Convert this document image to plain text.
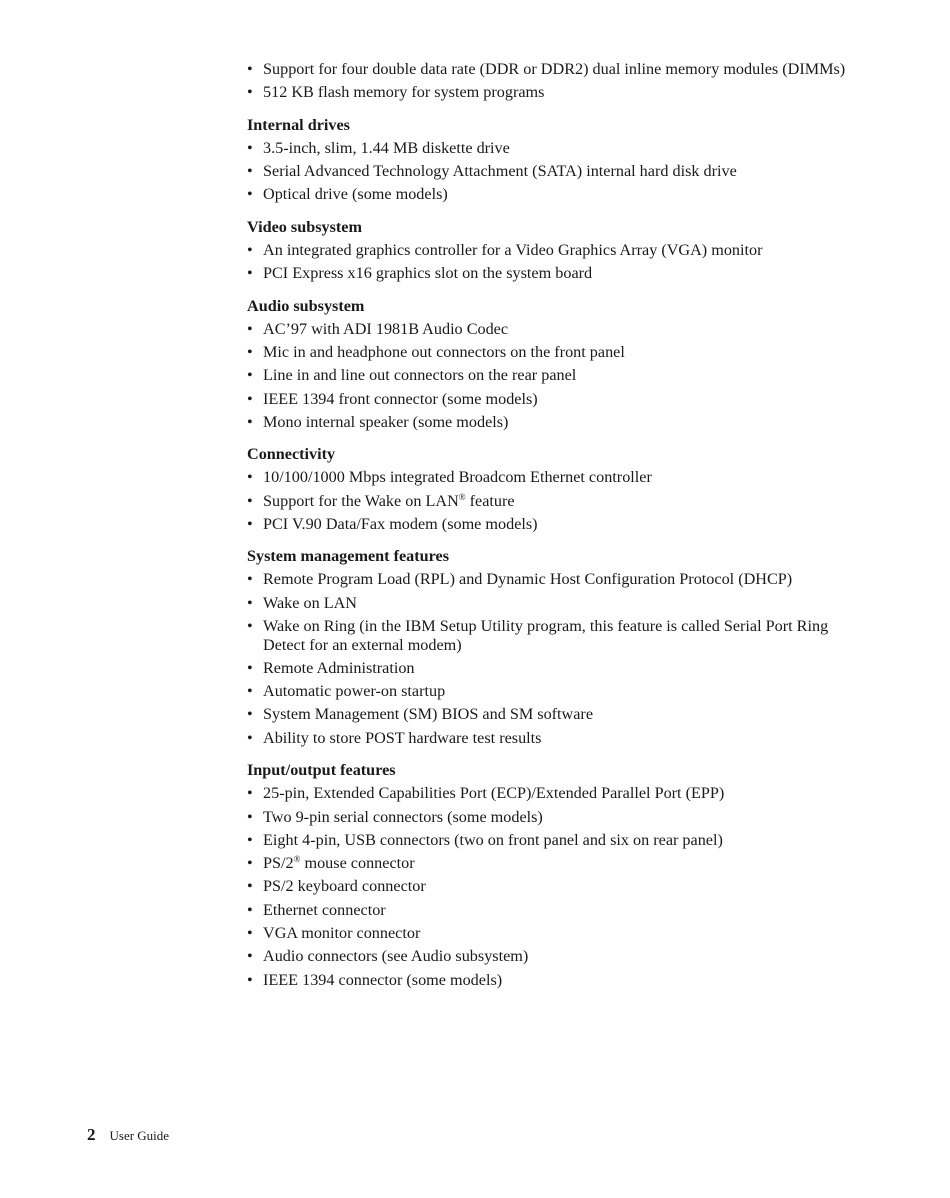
• Support for four double data rate (DDR or DDR2) dual inline memory modules (DIMMs)
• 512 KB flash memory for system programs
Internal drives
• 3.5-inch, slim, 1.44 MB diskette drive
• Serial Advanced Technology Attachment (SATA) internal hard disk drive
• Optical drive (some models)
Video subsystem
• An integrated graphics controller for a Video Graphics Array (VGA) monitor
• PCI Express x16 graphics slot on the system board
Audio subsystem
• AC’97 with ADI 1981B Audio Codec
• Mic in and headphone out connectors on the front panel
• Line in and line out connectors on the rear panel
• IEEE 1394 front connector (some models)
• Mono internal speaker (some models)
Connectivity
• 10/100/1000 Mbps integrated Broadcom Ethernet controller
• Support for the Wake on LAN® feature
• PCI V.90 Data/Fax modem (some models)
System management features
• Remote Program Load (RPL) and Dynamic Host Configuration Protocol (DHCP)
• Wake on LAN
• Wake on Ring (in the IBM Setup Utility program, this feature is called Serial Port Ring Detect for an external modem)
• Remote Administration
• Automatic power-on startup
• System Management (SM) BIOS and SM software
• Ability to store POST hardware test results
Input/output features
• 25-pin, Extended Capabilities Port (ECP)/Extended Parallel Port (EPP)
• Two 9-pin serial connectors (some models)
• Eight 4-pin, USB connectors (two on front panel and six on rear panel)
• PS/2® mouse connector
• PS/2 keyboard connector
• Ethernet connector
• VGA monitor connector
• Audio connectors (see Audio subsystem)
• IEEE 1394 connector (some models)
2 User Guide
